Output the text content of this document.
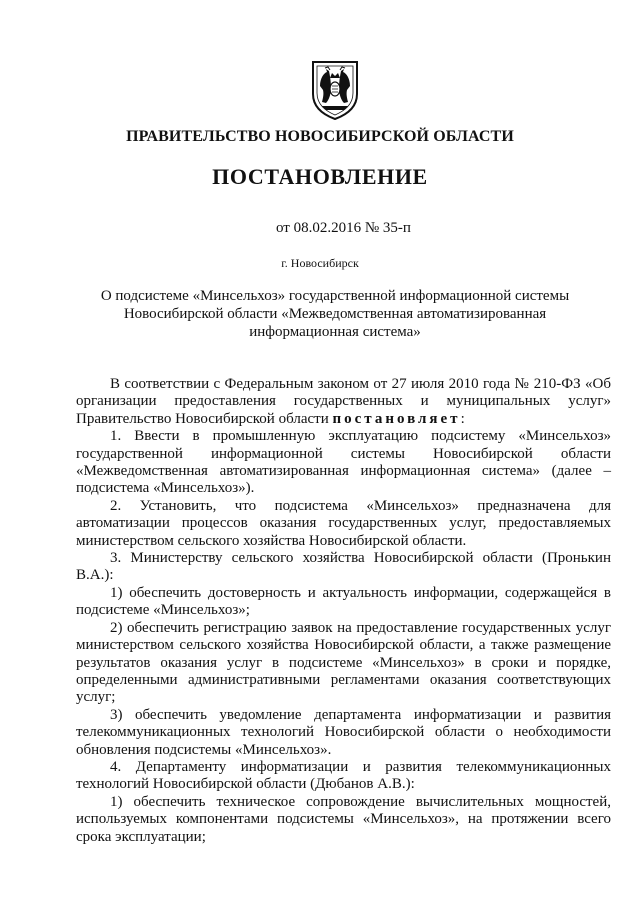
ПРАВИТЕЛЬСТВО НОВОСИБИРСКОЙ ОБЛАСТИ
ПОСТАНОВЛЕНИЕ
от 08.02.2016 № 35-п
г. Новосибирск
О подсистеме «Минсельхоз» государственной информационной системы
Новосибирской области «Межведомственная автоматизированная
информационная система»

В соответствии с Федеральным законом от 27 июля 2010 года № 210-ФЗ «Об организации предоставления государственных и муниципальных услуг» Правительство Новосибирской области постановляет:

1. Ввести в промышленную эксплуатацию подсистему «Минсельхоз» государственной информационной системы Новосибирской области «Межведомственная автоматизированная информационная система» (далее – подсистема «Минсельхоз»).

2. Установить, что подсистема «Минсельхоз» предназначена для автоматизации процессов оказания государственных услуг, предоставляемых министерством сельского хозяйства Новосибирской области.

3. Министерству сельского хозяйства Новосибирской области (Пронькин В.А.):

1) обеспечить достоверность и актуальность информации, содержащейся в подсистеме «Минсельхоз»;

2) обеспечить регистрацию заявок на предоставление государственных услуг министерством сельского хозяйства Новосибирской области, а также размещение результатов оказания услуг в подсистеме «Минсельхоз» в сроки и порядке, определенными административными регламентами оказания соответствующих услуг;

3) обеспечить уведомление департамента информатизации и развития телекоммуникационных технологий Новосибирской области о необходимости обновления подсистемы «Минсельхоз».

4. Департаменту информатизации и развития телекоммуникационных технологий Новосибирской области (Дюбанов А.В.):

1) обеспечить техническое сопровождение вычислительных мощностей, используемых компонентами подсистемы «Минсельхоз», на протяжении всего срока эксплуатации;
